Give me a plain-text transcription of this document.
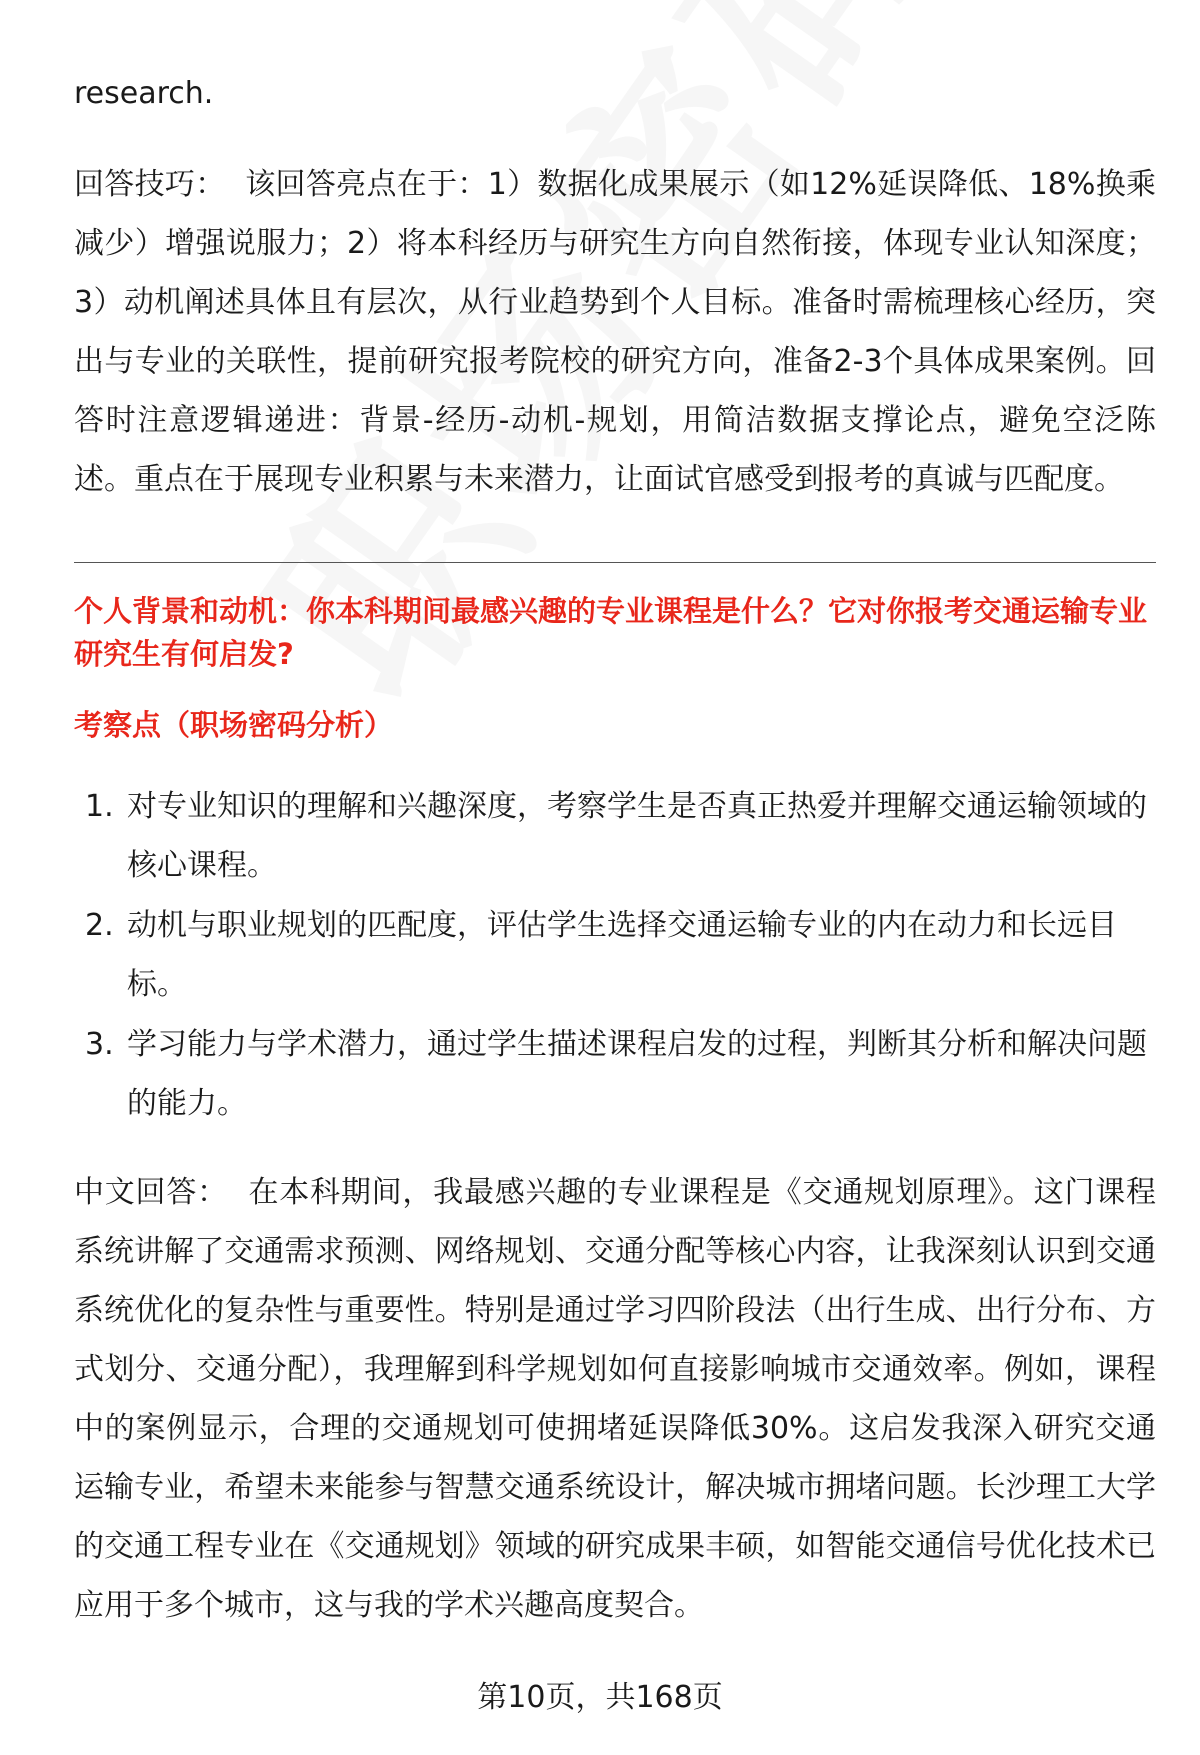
research.
回答技巧： 该回答亮点在于：1）数据化成果展示（如12%延误降低、18%换乘减少）增强说服力；2）将本科经历与研究生方向自然衔接，体现专业认知深度；3）动机阐述具体且有层次，从行业趋势到个人目标。准备时需梳理核心经历，突出与专业的关联性，提前研究报考院校的研究方向，准备2-3个具体成果案例。回答时注意逻辑递进：背景-经历-动机-规划，用简洁数据支撑论点，避免空泛陈述。重点在于展现专业积累与未来潜力，让面试官感受到报考的真诚与匹配度。
个人背景和动机：你本科期间最感兴趣的专业课程是什么？它对你报考交通运输专业研究生有何启发?
考察点（职场密码分析）
1. 对专业知识的理解和兴趣深度，考察学生是否真正热爱并理解交通运输领域的核心课程。
2. 动机与职业规划的匹配度，评估学生选择交通运输专业的内在动力和长远目标。
3. 学习能力与学术潜力，通过学生描述课程启发的过程，判断其分析和解决问题的能力。
中文回答： 在本科期间，我最感兴趣的专业课程是《交通规划原理》。这门课程系统讲解了交通需求预测、网络规划、交通分配等核心内容，让我深刻认识到交通系统优化的复杂性与重要性。特别是通过学习四阶段法（出行生成、出行分布、方式划分、交通分配），我理解到科学规划如何直接影响城市交通效率。例如，课程中的案例显示，合理的交通规划可使拥堵延误降低30%。这启发我深入研究交通运输专业，希望未来能参与智慧交通系统设计，解决城市拥堵问题。长沙理工大学的交通工程专业在《交通规划》领域的研究成果丰硕，如智能交通信号优化技术已应用于多个城市，这与我的学术兴趣高度契合。
第10页，共168页
